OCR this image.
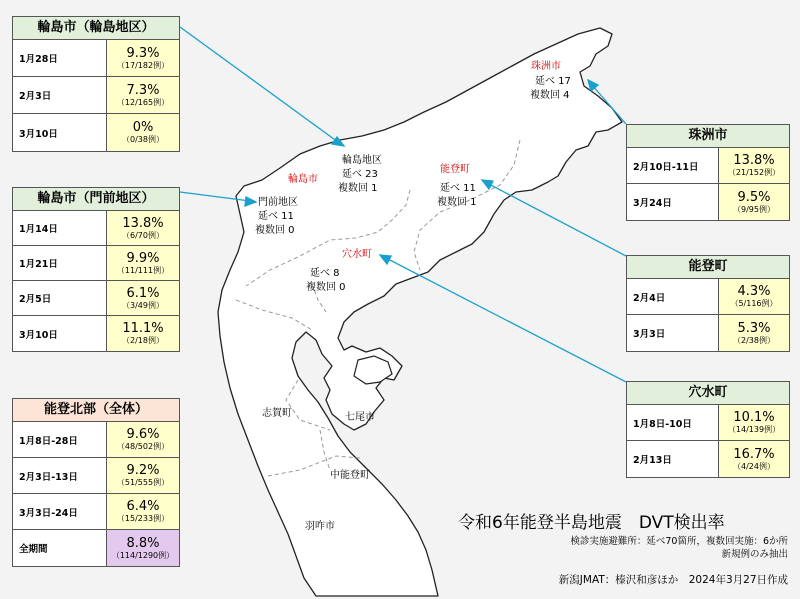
珠洲市
延べ 17
複数回 4
輪島地区
延べ 23
複数回 1
輪島市
門前地区
延べ 11
複数回 0
能登町
延べ 11
複数回 1
穴水町
延べ 8
複数回 0
志賀町	七尾市
中能登町
羽咋市	令和6年能登半島地震　DVT検出率
検診実施避難所：延べ70箇所，複数回実施：6か所
新規例のみ抽出
新潟JMAT：榛沢和彦ほか　2024年3月27日作成
輪島市（輪島地区）
1月28日	9.3%
（17/182例）
2月3日	7.3%
（12/165例）
3月10日	0%
（0/38例）
輪島市（門前地区）
1月14日	13.8%
（6/70例）
1月21日	9.9%
（11/111例）
2月5日	6.1%
（3/49例）
3月10日	11.1%
（2/18例）
能登北部（全体）
1月8日-28日	9.6%
（48/502例）
2月3日-13日	9.2%
（51/555例）
3月3日-24日	6.4%
（15/233例）
全期間	8.8%
（114/1290例）
珠洲市
2月10日-11日	13.8%
（21/152例）
3月24日	9.5%
（9/95例）
能登町
2月4日	4.3%
（5/116例）
3月3日	5.3%
（2/38例）
穴水町
1月8日-10日	10.1%
（14/139例）
2月13日	16.7%
（4/24例）
